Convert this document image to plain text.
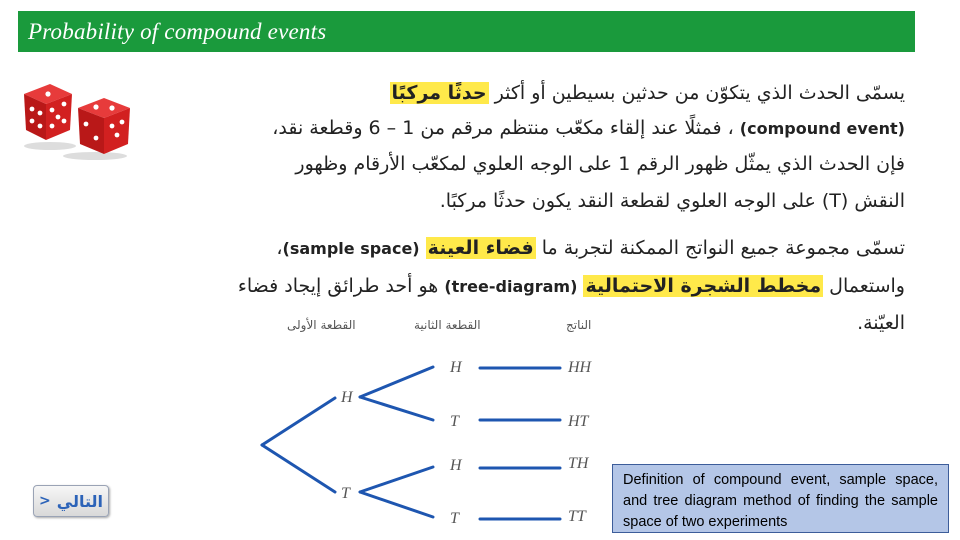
Probability of compound events
يسمّى الحدث الذي يتكوّن من حدثين بسيطين أو أكثر حدثًا مركبًا
(compound event) ، فمثلًا عند إلقاء مكعّب منتظم مرقم من 1 – 6 وقطعة نقد،
فإن الحدث الذي يمثّل ظهور الرقم 1 على الوجه العلوي لمكعّب الأرقام وظهور
النقش (T) على الوجه العلوي لقطعة النقد يكون حدثًا مركبًا.
تسمّى مجموعة جميع النواتج الممكنة لتجربة ما فضاء العينة (sample space)،
واستعمال مخطط الشجرة الاحتمالية (tree-diagram) هو أحد طرائق إيجاد فضاء
العيّنة.
القطعة الأولى	القطعة الثانية	الناتج
H
T
H
T
H
T
HH
HT
TH
TT
> التالي
Definition of compound event, sample space, and tree diagram method of finding the sample space of two experiments
